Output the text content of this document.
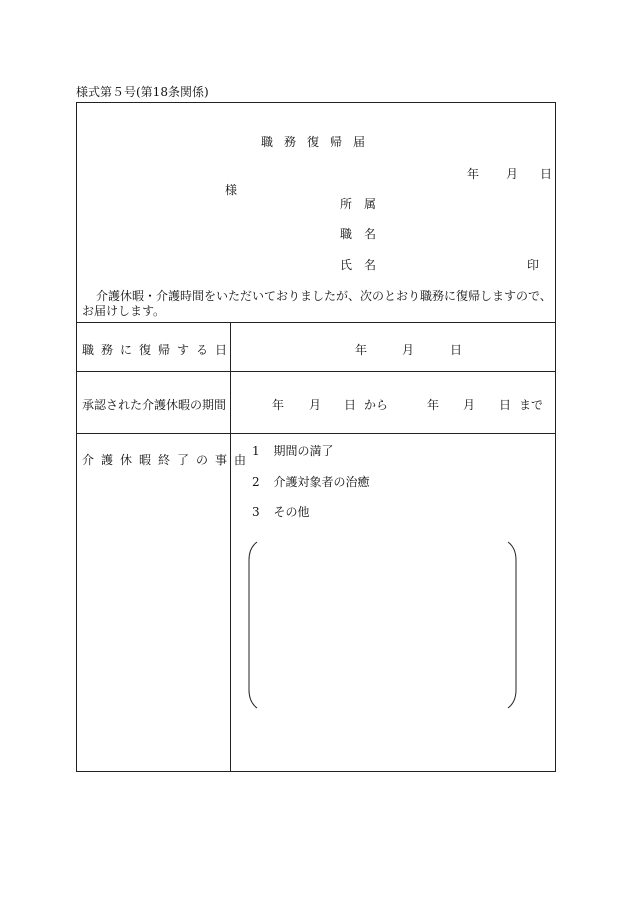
様式第５号(第18条関係)
職務復帰届
年 月 日
様
所　属
職　名
氏　名	印
介護休暇・介護時間をいただいておりましたが、次のとおり職務に復帰しますので、お届けします。
職務に復帰する日	年	月	日
承認された介護休暇の期間	年 月 日 から	年 月 日 まで
介護休暇終了の事由
1 期間の満了
2 介護対象者の治癒
3 その他
